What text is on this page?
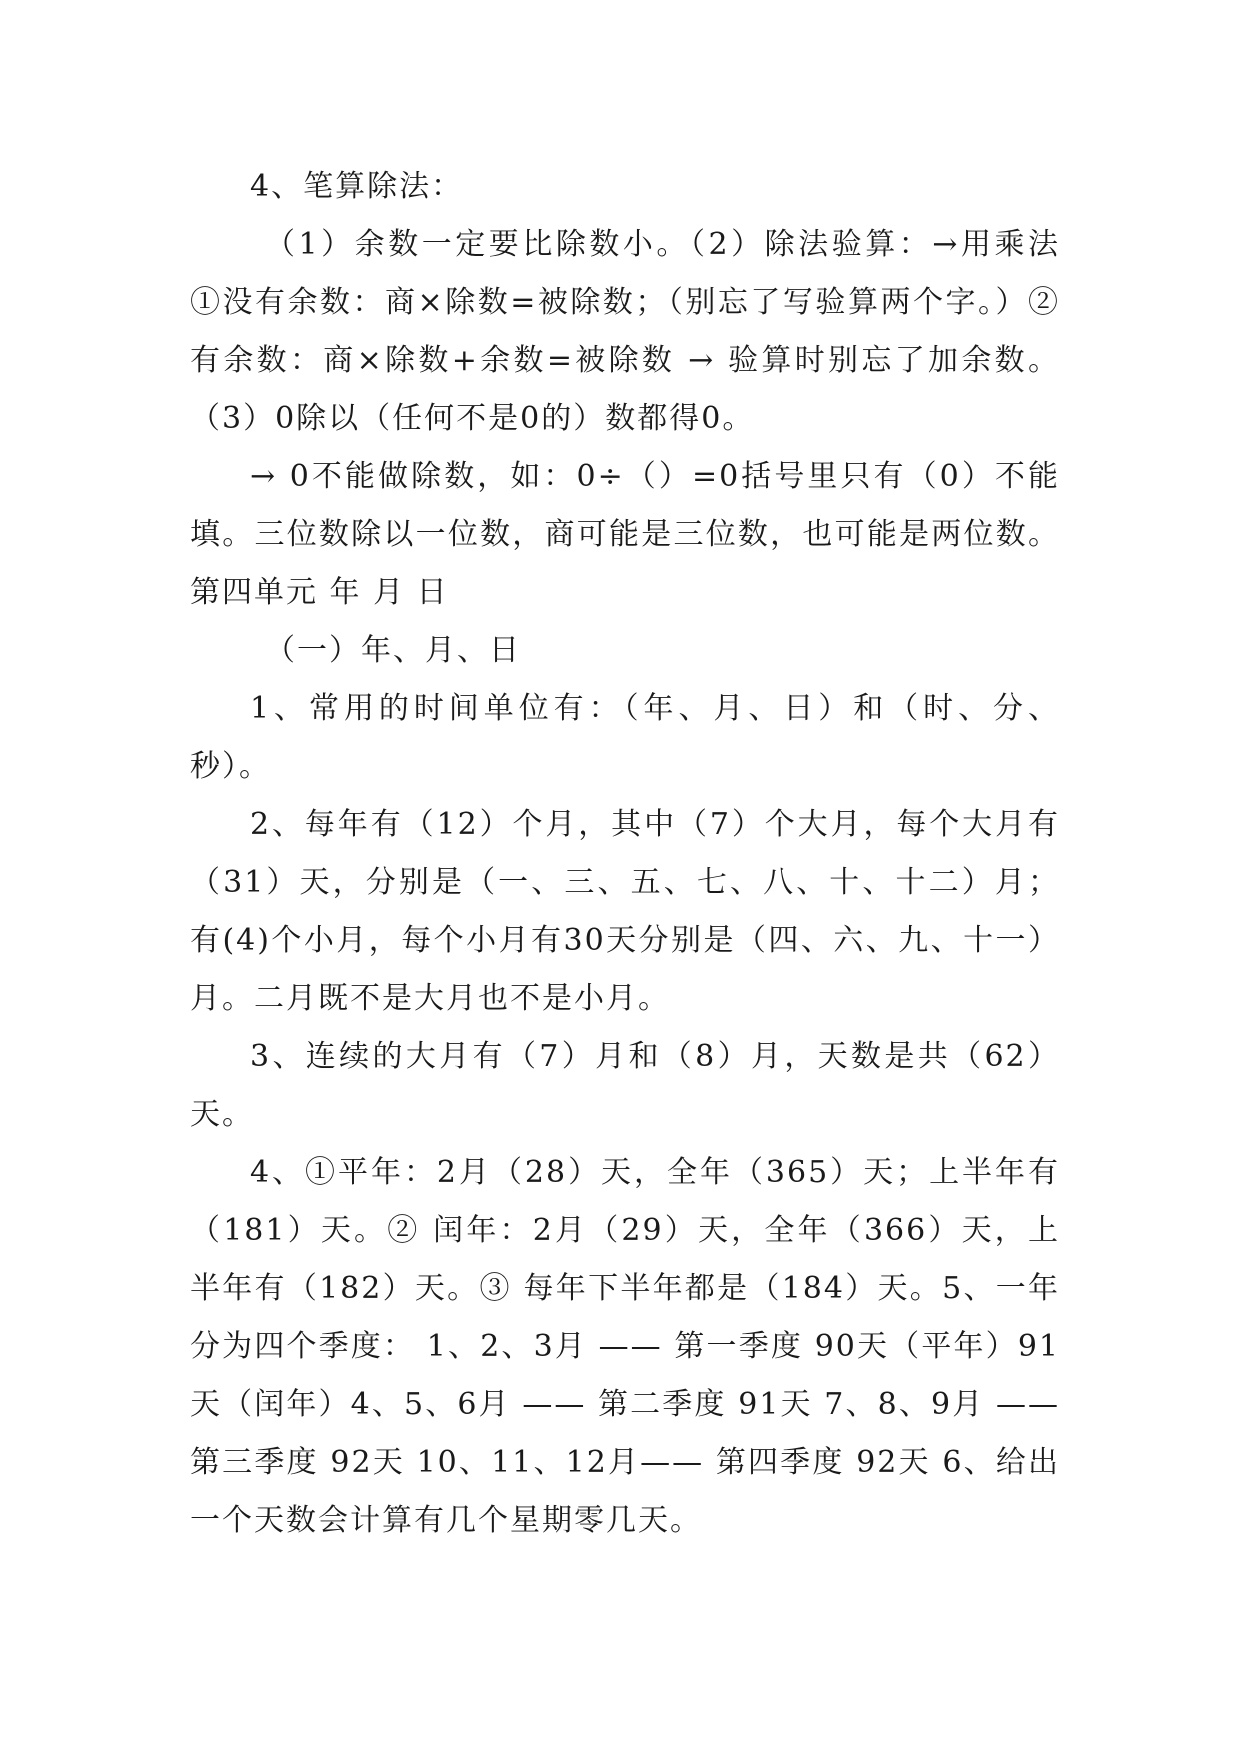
4、笔算除法：

（1）余数一定要比除数小。（2）除法验算：→用乘法 ①没有余数：商×除数=被除数；（别忘了写验算两个字。）②有余数：商×除数+余数=被除数 → 验算时别忘了加余数。（3）0除以（任何不是0的）数都得0。

→ 0不能做除数，如：0÷（）=0括号里只有（0）不能填。三位数除以一位数，商可能是三位数，也可能是两位数。第四单元 年 月 日

（一）年、月、日

1、常用的时间单位有：（年、月、日）和（时、分、秒）。

2、每年有（12）个月，其中（7）个大月，每个大月有（31）天，分别是（一、三、五、七、八、十、十二）月；有(4)个小月，每个小月有30天分别是（四、六、九、十一）月。二月既不是大月也不是小月。

3、连续的大月有（7）月和（8）月，天数是共（62）天。

4、①平年：2月（28）天，全年（365）天；上半年有（181）天。② 闰年：2月（29）天，全年（366）天，上半年有（182）天。③ 每年下半年都是（184）天。5、一年分为四个季度： 1、2、3月 —— 第一季度 90天（平年）91天（闰年）4、5、6月 —— 第二季度 91天 7、8、9月 —— 第三季度 92天 10、11、12月—— 第四季度 92天 6、给出一个天数会计算有几个星期零几天。
